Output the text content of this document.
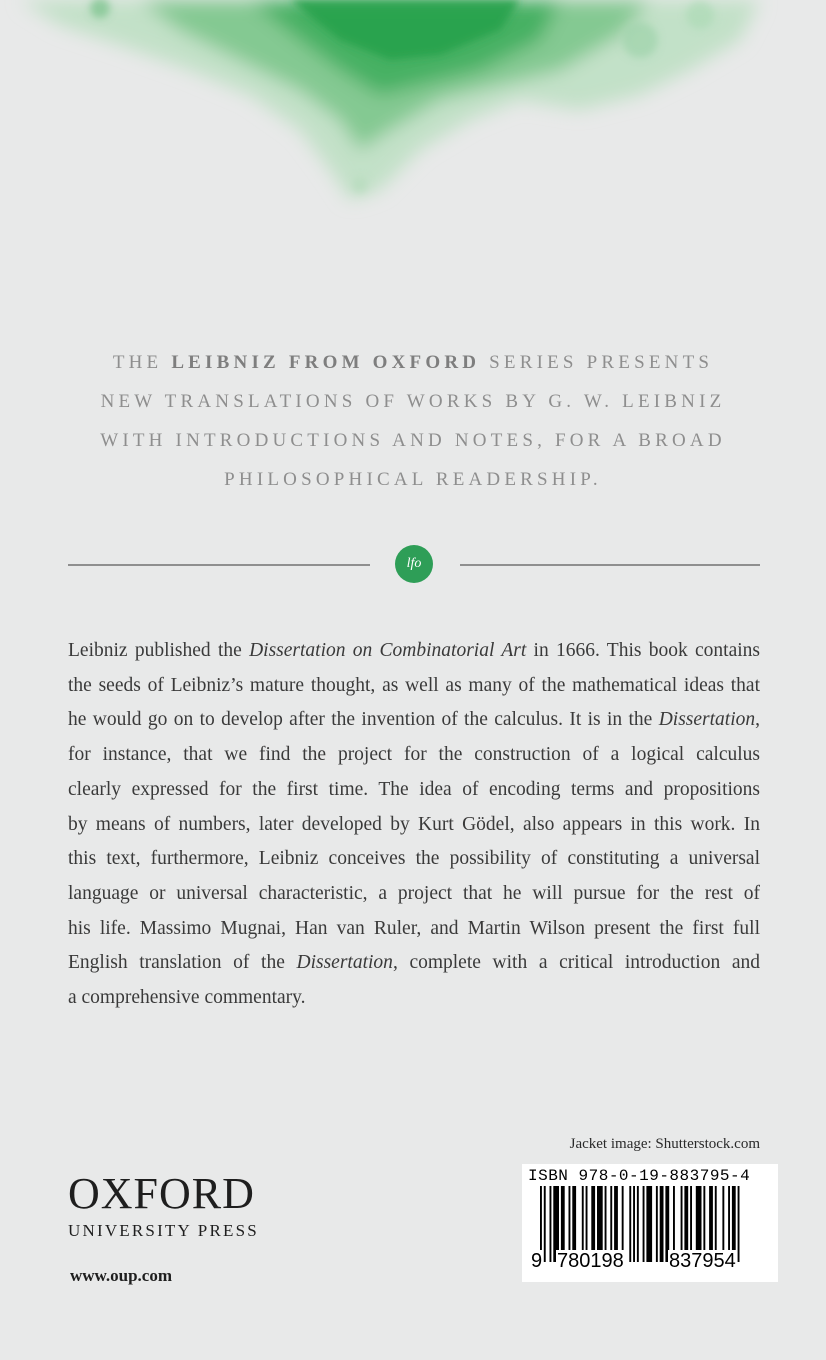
THE LEIBNIZ FROM OXFORD SERIES PRESENTS
NEW TRANSLATIONS OF WORKS BY G. W. LEIBNIZ
WITH INTRODUCTIONS AND NOTES, FOR A BROAD
PHILOSOPHICAL READERSHIP.
lfo
Leibniz published the Dissertation on Combinatorial Art in 1666. This book contains
the seeds of Leibniz’s mature thought, as well as many of the mathematical ideas that
he would go on to develop after the invention of the calculus. It is in the Dissertation,
for instance, that we find the project for the construction of a logical calculus
clearly expressed for the first time. The idea of encoding terms and propositions
by means of numbers, later developed by Kurt Gödel, also appears in this work. In
this text, furthermore, Leibniz conceives the possibility of constituting a universal
language or universal characteristic, a project that he will pursue for the rest of
his life. Massimo Mugnai, Han van Ruler, and Martin Wilson present the first full
English translation of the Dissertation, complete with a critical introduction and
a comprehensive commentary.
Jacket image: Shutterstock.com
ISBN 978-0-19-883795-4
9 780198 837954
OXFORD
UNIVERSITY PRESS
www.oup.com
